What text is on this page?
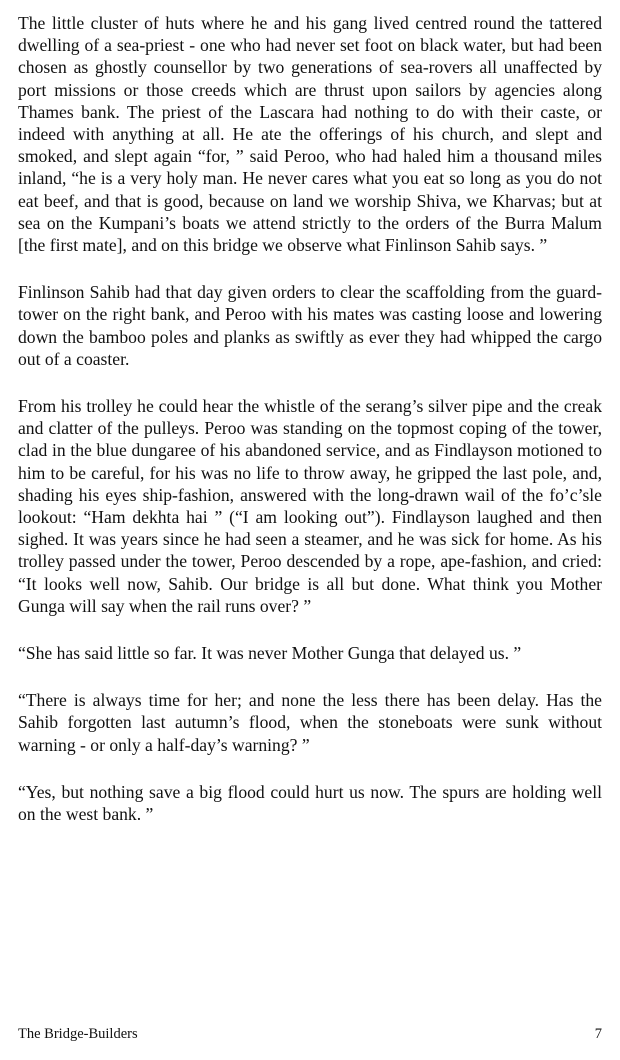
The little cluster of huts where he and his gang lived centred round the tattered dwelling of a sea-priest - one who had never set foot on black water, but had been chosen as ghostly counsellor by two generations of sea-rovers all unaffected by port missions or those creeds which are thrust upon sailors by agencies along Thames bank. The priest of the Lascara had nothing to do with their caste, or indeed with anything at all. He ate the offerings of his church, and slept and smoked, and slept again “for, ” said Peroo, who had haled him a thousand miles inland, “he is a very holy man. He never cares what you eat so long as you do not eat beef, and that is good, because on land we worship Shiva, we Kharvas; but at sea on the Kumpani’s boats we attend strictly to the orders of the Burra Malum [the first mate], and on this bridge we observe what Finlinson Sahib says. ”

Finlinson Sahib had that day given orders to clear the scaffolding from the guard-tower on the right bank, and Peroo with his mates was casting loose and lowering down the bamboo poles and planks as swiftly as ever they had whipped the cargo out of a coaster.

From his trolley he could hear the whistle of the serang’s silver pipe and the creak and clatter of the pulleys. Peroo was standing on the topmost coping of the tower, clad in the blue dungaree of his abandoned service, and as Findlayson motioned to him to be careful, for his was no life to throw away, he gripped the last pole, and, shading his eyes ship-fashion, answered with the long-drawn wail of the fo’c’sle lookout: “Ham dekhta hai ” (“I am looking out”). Findlayson laughed and then sighed. It was years since he had seen a steamer, and he was sick for home. As his trolley passed under the tower, Peroo descended by a rope, ape-fashion, and cried: “It looks well now, Sahib. Our bridge is all but done. What think you Mother Gunga will say when the rail runs over? ”

“She has said little so far. It was never Mother Gunga that delayed us. ”

“There is always time for her; and none the less there has been delay. Has the Sahib forgotten last autumn’s flood, when the stoneboats were sunk without warning - or only a half-day’s warning? ”

“Yes, but nothing save a big flood could hurt us now. The spurs are holding well on the west bank. ”

The Bridge-Builders	7
